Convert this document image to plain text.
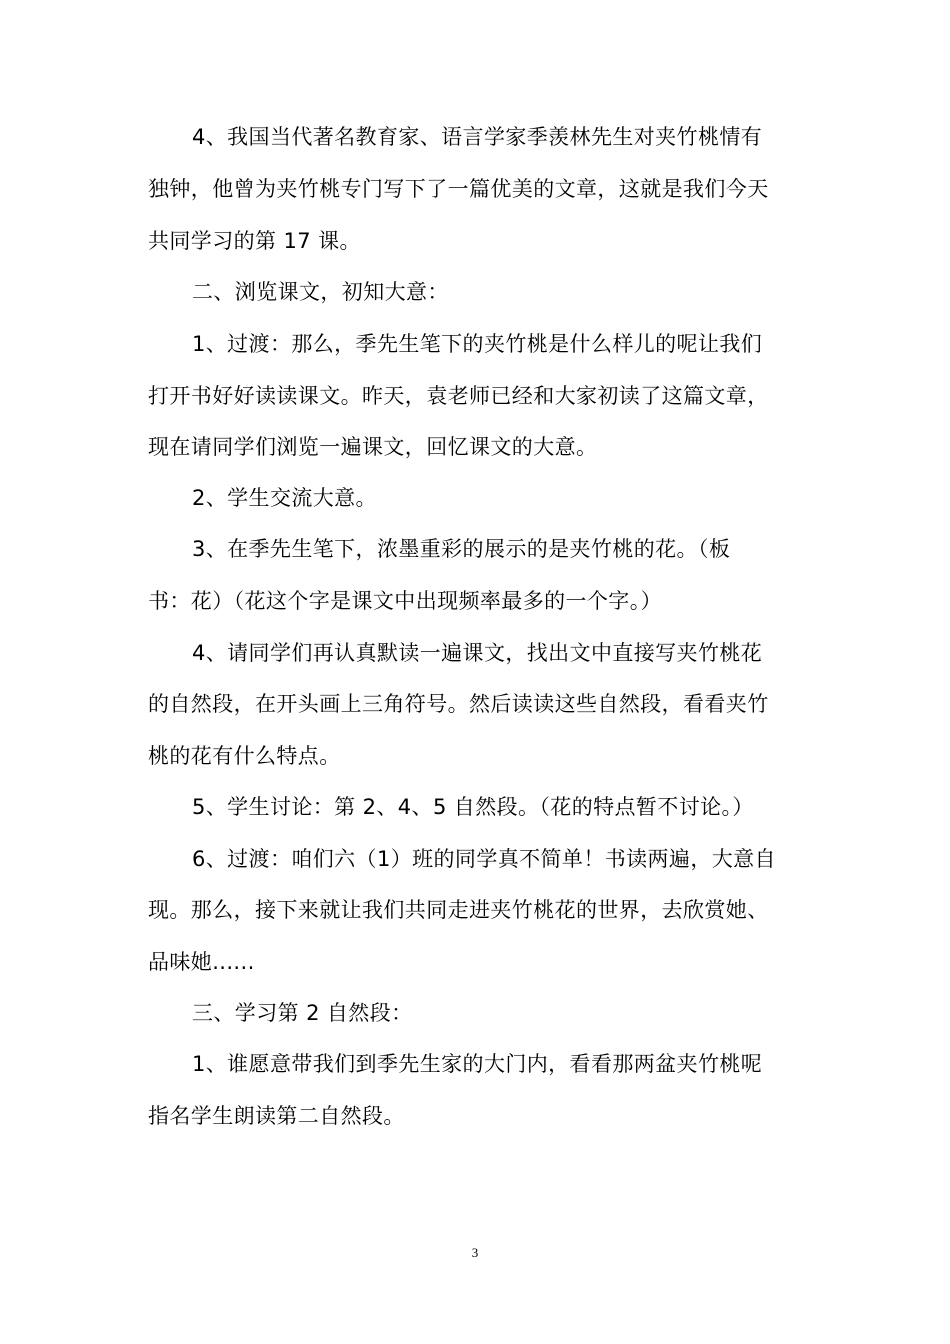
4、我国当代著名教育家、语言学家季羡林先生对夹竹桃情有
独钟，他曾为夹竹桃专门写下了一篇优美的文章，这就是我们今天
共同学习的第 17 课。
二、浏览课文，初知大意：
1、过渡：那么，季先生笔下的夹竹桃是什么样儿的呢让我们
打开书好好读读课文。昨天，袁老师已经和大家初读了这篇文章，
现在请同学们浏览一遍课文，回忆课文的大意。
2、学生交流大意。
3、在季先生笔下，浓墨重彩的展示的是夹竹桃的花。（板
书：花）（花这个字是课文中出现频率最多的一个字。）
4、请同学们再认真默读一遍课文，找出文中直接写夹竹桃花
的自然段，在开头画上三角符号。然后读读这些自然段，看看夹竹
桃的花有什么特点。
5、学生讨论：第 2、4、5 自然段。（花的特点暂不讨论。）
6、过渡：咱们六（1）班的同学真不简单！书读两遍，大意自
现。那么，接下来就让我们共同走进夹竹桃花的世界，去欣赏她、
品味她......
三、学习第 2 自然段：
1、谁愿意带我们到季先生家的大门内，看看那两盆夹竹桃呢
指名学生朗读第二自然段。
3
